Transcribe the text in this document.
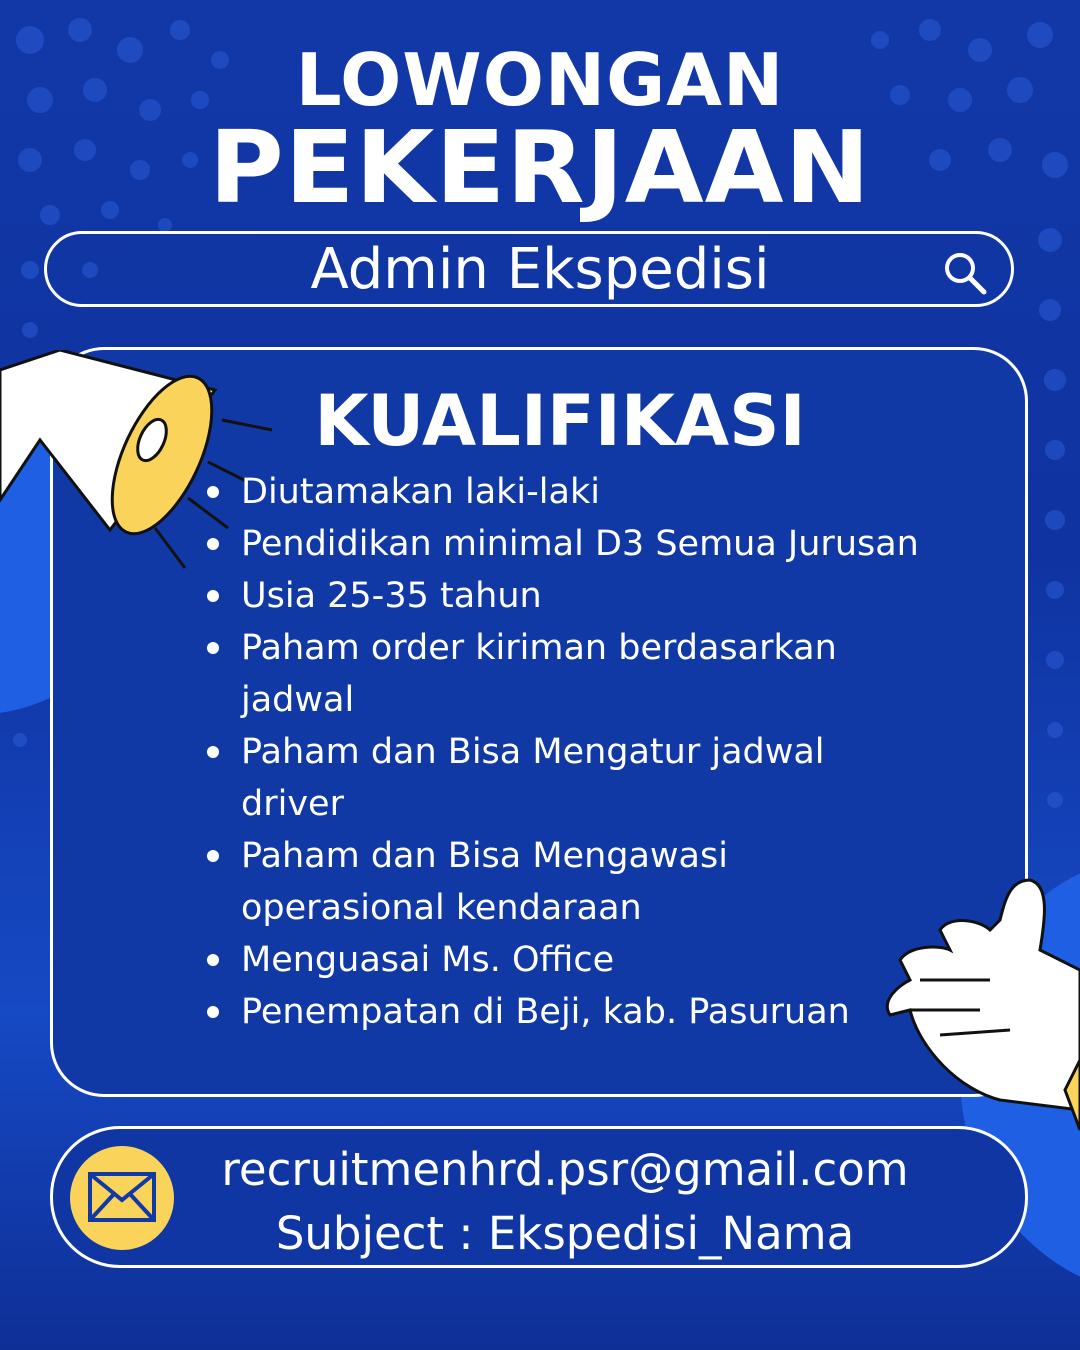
LOWONGAN
PEKERJAAN
Admin Ekspedisi
KUALIFIKASI
Diutamakan laki-laki
Pendidikan minimal D3 Semua Jurusan
Usia 25-35 tahun
Paham order kiriman berdasarkan jadwal
Paham dan Bisa Mengatur jadwal driver
Paham dan Bisa Mengawasi operasional kendaraan
Menguasai Ms. Office
Penempatan di Beji, kab. Pasuruan
recruitmenhrd.psr@gmail.com
Subject : Ekspedisi_Nama
